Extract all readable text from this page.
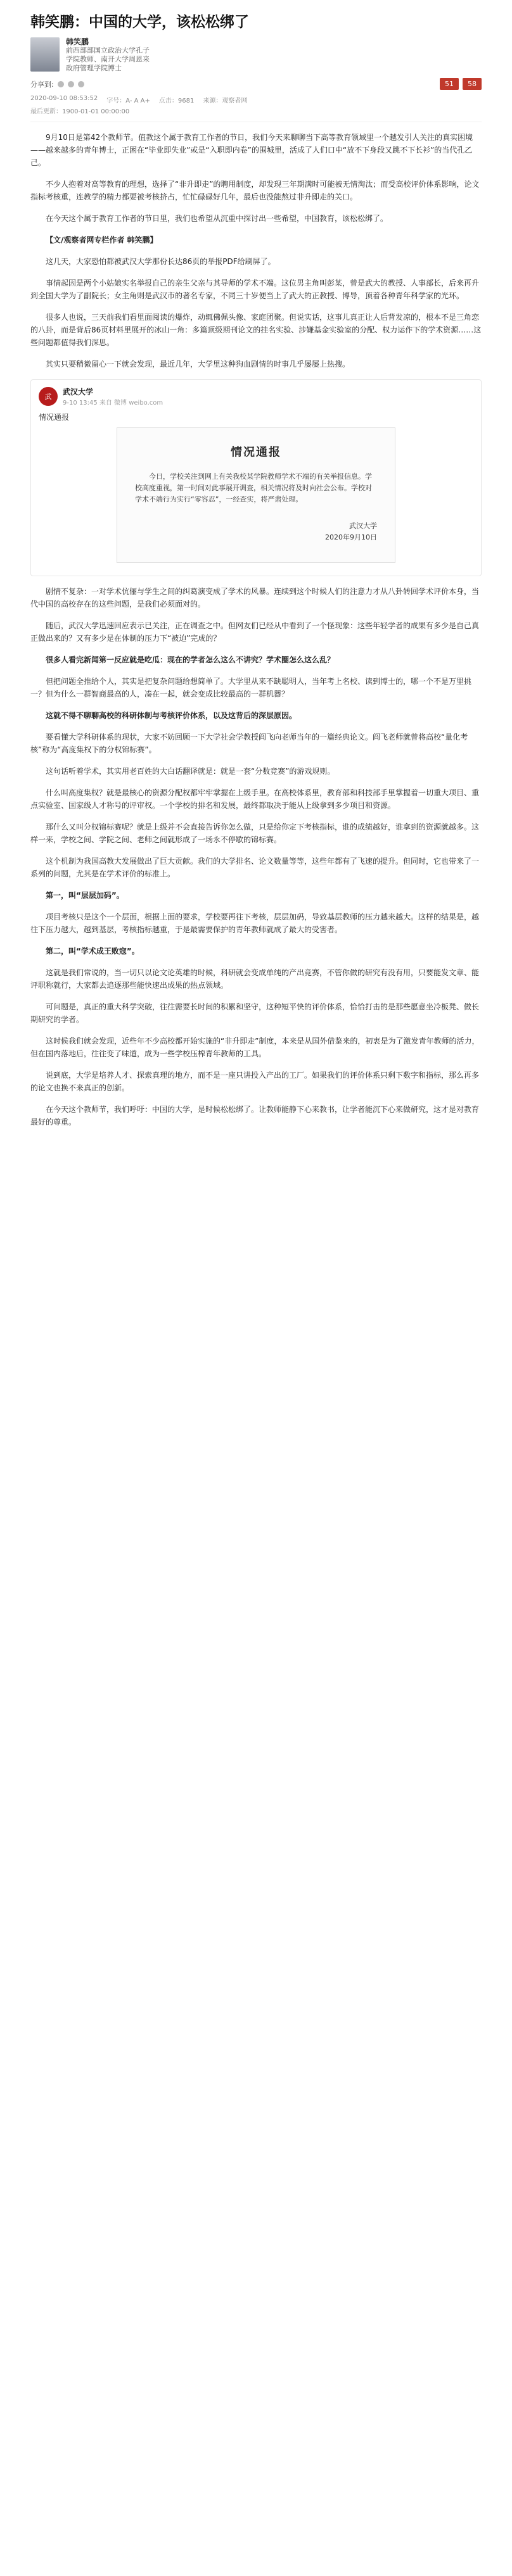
韩笑鹏：中国的大学，该松松绑了
韩笑鹏
前西部部国立政治大学孔子
学院教师、南开大学周恩来
政府管理学院博士
分享到:	51	58
2020-09-10 08:53:52 字号：A- A A+ 点击：9681 来源：观察者网
最后更新：1900-01-01 00:00:00

9月10日是第42个教师节。值教这个属于教育工作者的节日，我们今天来聊聊当下高等教育领域里一个越发引人关注的真实困境——越来越多的青年博士，正困在“毕业即失业”或是“入职即内卷”的围城里，活成了人们口中“放不下身段又跳不下长衫”的当代孔乙己。

不少人抱着对高等教育的理想，选择了“非升即走”的聘用制度，却发现三年期满时可能被无情淘汰；而受高校评价体系影响，论文指标考核重，连教学的精力都要被考核挤占，忙忙碌碌好几年，最后也没能熬过非升即走的关口。

在今天这个属于教育工作者的节日里，我们也希望从沉重中探讨出一些希望，中国教育，该松松绑了。

【文/观察者网专栏作者 韩笑鹏】

这几天，大家恐怕都被武汉大学那份长达86页的举报PDF给刷屏了。

事情起因是两个小姑娘实名举报自己的亲生父亲与其导师的学术不端。这位男主角叫彭某，曾是武大的教授、人事部长，后来再升到全国大学为了副院长；女主角则是武汉市的著名专家，不同三十岁便当上了武大的正教授、博导，顶着各种青年科学家的光环。

很多人也说，三天前我们看里面阅读的爆炸，动辄佛佩头像、家庭团聚。但说实话，这事儿真正让人后背发凉的，根本不是三角恋的八卦，而是背后86页材料里展开的冰山一角：多篇顶级期刊论文的挂名实验、涉嫌基金实验室的分配、权力运作下的学术资源……这些问题都值得我们深思。

其实只要稍微留心一下就会发现，最近几年，大学里这种狗血剧情的时事几乎屡屡上热搜。

武
武汉大学
9-10 13:45 来自 微博 weibo.com
情况通报
情况通报
今日，学校关注到网上有关我校某学院教师学术不端的有关举报信息。学校高度重视，第一时间对此事展开调查，相关情况将及时向社会公布。学校对学术不端行为实行“零容忍”，一经查实，将严肃处理。
武汉大学
2020年9月10日

剧情不复杂：一对学术伉俪与学生之间的纠葛演变成了学术的风暴。连续到这个时候人们的注意力才从八卦转回学术评价本身，当代中国的高校存在的这些问题，是我们必须面对的。

随后，武汉大学迅速回应表示已关注，正在调查之中。但网友们已经从中看到了一个怪现象：这些年轻学者的成果有多少是自己真正做出来的？又有多少是在体制的压力下“被迫”完成的？

很多人看完新闻第一反应就是吃瓜：现在的学者怎么这么不讲究？学术圈怎么这么乱？

但把问题全推给个人，其实是把复杂问题给想简单了。大学里从来不缺聪明人，当年考上名校、读到博士的，哪一个不是万里挑一？但为什么一群智商最高的人，凑在一起，就会变成比较最高的一群机器？

这就不得不聊聊高校的科研体制与考核评价体系，以及这背后的深层原因。

要看懂大学科研体系的现状，大家不妨回顾一下大学社会学教授阎飞向老师当年的一篇经典论文。阎飞老师就曾将高校“量化考核”称为“高度集权下的分权锦标赛”。

这句话听着学术，其实用老百姓的大白话翻译就是：就是一套“分数竞赛”的游戏规则。

什么叫高度集权？就是最核心的资源分配权都牢牢掌握在上级手里。在高校体系里，教育部和科技部手里掌握着一切重大项目、重点实验室、国家级人才称号的评审权。一个学校的排名和发展，最终都取决于能从上级拿到多少项目和资源。

那什么又叫分权锦标赛呢？就是上级并不会直接告诉你怎么做，只是给你定下考核指标，谁的成绩越好，谁拿到的资源就越多。这样一来，学校之间、学院之间、老师之间就形成了一场永不停歇的锦标赛。

这个机制为我国高教大发展做出了巨大贡献。我们的大学排名、论文数量等等，这些年都有了飞速的提升。但同时，它也带来了一系列的问题，尤其是在学术评价的标准上。

第一，叫“层层加码”。

项目考核只是这个一个层面，根据上面的要求，学校要再往下考核，层层加码，导致基层教师的压力越来越大。这样的结果是，越往下压力越大，越到基层，考核指标越重，于是最需要保护的青年教师就成了最大的受害者。

第二，叫“学术成王败寇”。

这就是我们常说的，当一切只以论文论英雄的时候，科研就会变成单纯的产出竞赛，不管你做的研究有没有用，只要能发文章、能评职称就行，大家都去追逐那些能快速出成果的热点领域。

可问题是，真正的重大科学突破，往往需要长时间的积累和坚守，这种短平快的评价体系，恰恰打击的是那些愿意坐冷板凳、做长期研究的学者。

这时候我们就会发现，近些年不少高校都开始实施的“非升即走”制度，本来是从国外借鉴来的，初衷是为了激发青年教师的活力，但在国内落地后，往往变了味道，成为一些学校压榨青年教师的工具。

说到底，大学是培养人才、探索真理的地方，而不是一座只讲投入产出的工厂。如果我们的评价体系只剩下数字和指标，那么再多的论文也换不来真正的创新。

在今天这个教师节，我们呼吁：中国的大学，是时候松松绑了。让教师能静下心来教书，让学者能沉下心来做研究，这才是对教育最好的尊重。
